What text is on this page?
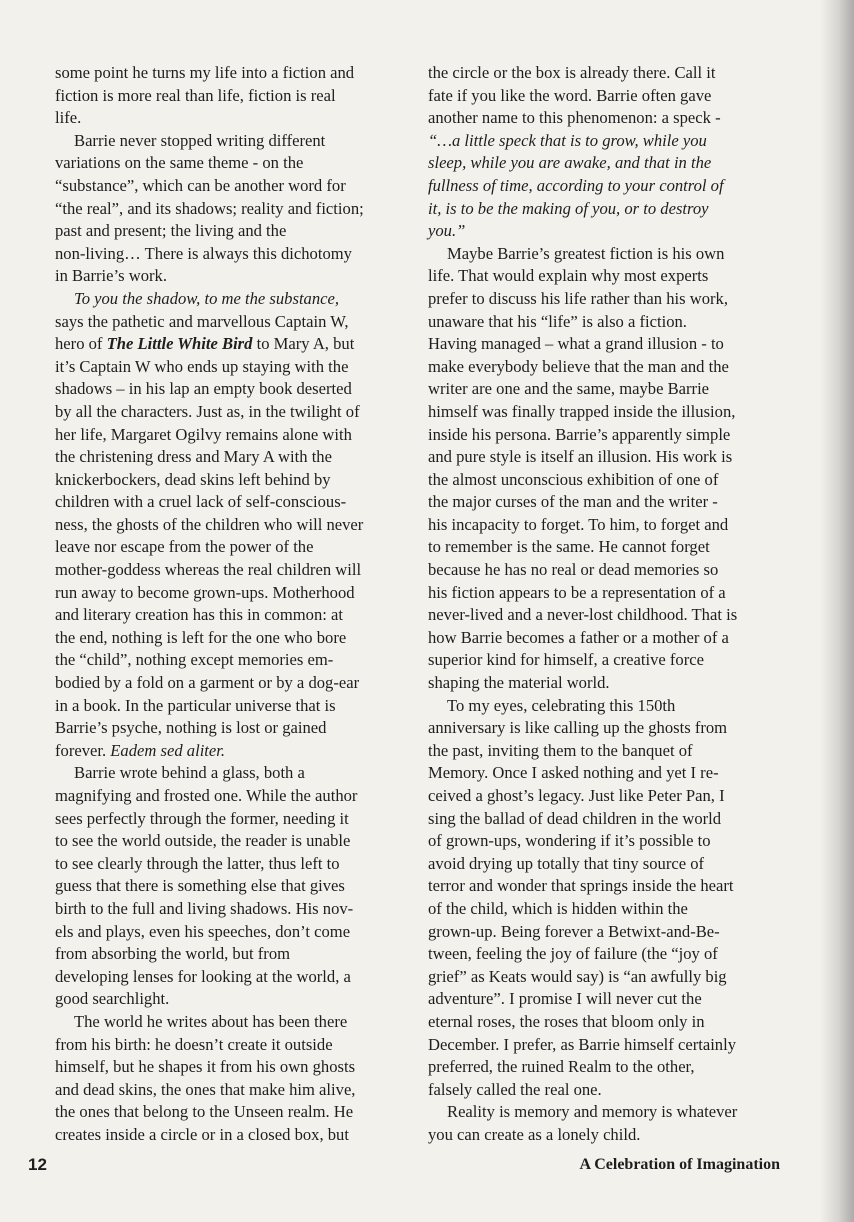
some point he turns my life into a fiction and
fiction is more real than life, fiction is real
life.
Barrie never stopped writing different
variations on the same theme - on the
“substance”, which can be another word for
“the real”, and its shadows; reality and fiction;
past and present; the living and the
non-living… There is always this dichotomy
in Barrie’s work.
To you the shadow, to me the substance,
says the pathetic and marvellous Captain W,
hero of The Little White Bird to Mary A, but
it’s Captain W who ends up staying with the
shadows – in his lap an empty book deserted
by all the characters. Just as, in the twilight of
her life, Margaret Ogilvy remains alone with
the christening dress and Mary A with the
knickerbockers, dead skins left behind by
children with a cruel lack of self-conscious-
ness, the ghosts of the children who will never
leave nor escape from the power of the
mother-goddess whereas the real children will
run away to become grown-ups. Motherhood
and literary creation has this in common: at
the end, nothing is left for the one who bore
the “child”, nothing except memories em-
bodied by a fold on a garment or by a dog-ear
in a book. In the particular universe that is
Barrie’s psyche, nothing is lost or gained
forever. Eadem sed aliter.
Barrie wrote behind a glass, both a
magnifying and frosted one. While the author
sees perfectly through the former, needing it
to see the world outside, the reader is unable
to see clearly through the latter, thus left to
guess that there is something else that gives
birth to the full and living shadows. His nov-
els and plays, even his speeches, don’t come
from absorbing the world, but from
developing lenses for looking at the world, a
good searchlight.
The world he writes about has been there
from his birth: he doesn’t create it outside
himself, but he shapes it from his own ghosts
and dead skins, the ones that make him alive,
the ones that belong to the Unseen realm. He
creates inside a circle or in a closed box, but
the circle or the box is already there. Call it
fate if you like the word. Barrie often gave
another name to this phenomenon: a speck -
“…a little speck that is to grow, while you
sleep, while you are awake, and that in the
fullness of time, according to your control of
it, is to be the making of you, or to destroy
you.”
Maybe Barrie’s greatest fiction is his own
life. That would explain why most experts
prefer to discuss his life rather than his work,
unaware that his “life” is also a fiction.
Having managed – what a grand illusion - to
make everybody believe that the man and the
writer are one and the same, maybe Barrie
himself was finally trapped inside the illusion,
inside his persona. Barrie’s apparently simple
and pure style is itself an illusion. His work is
the almost unconscious exhibition of one of
the major curses of the man and the writer -
his incapacity to forget. To him, to forget and
to remember is the same. He cannot forget
because he has no real or dead memories so
his fiction appears to be a representation of a
never-lived and a never-lost childhood. That is
how Barrie becomes a father or a mother of a
superior kind for himself, a creative force
shaping the material world.
To my eyes, celebrating this 150th
anniversary is like calling up the ghosts from
the past, inviting them to the banquet of
Memory. Once I asked nothing and yet I re-
ceived a ghost’s legacy. Just like Peter Pan, I
sing the ballad of dead children in the world
of grown-ups, wondering if it’s possible to
avoid drying up totally that tiny source of
terror and wonder that springs inside the heart
of the child, which is hidden within the
grown-up. Being forever a Betwixt-and-Be-
tween, feeling the joy of failure (the “joy of
grief” as Keats would say) is “an awfully big
adventure”. I promise I will never cut the
eternal roses, the roses that bloom only in
December. I prefer, as Barrie himself certainly
preferred, the ruined Realm to the other,
falsely called the real one.
Reality is memory and memory is whatever
you can create as a lonely child.
12	A Celebration of Imagination
